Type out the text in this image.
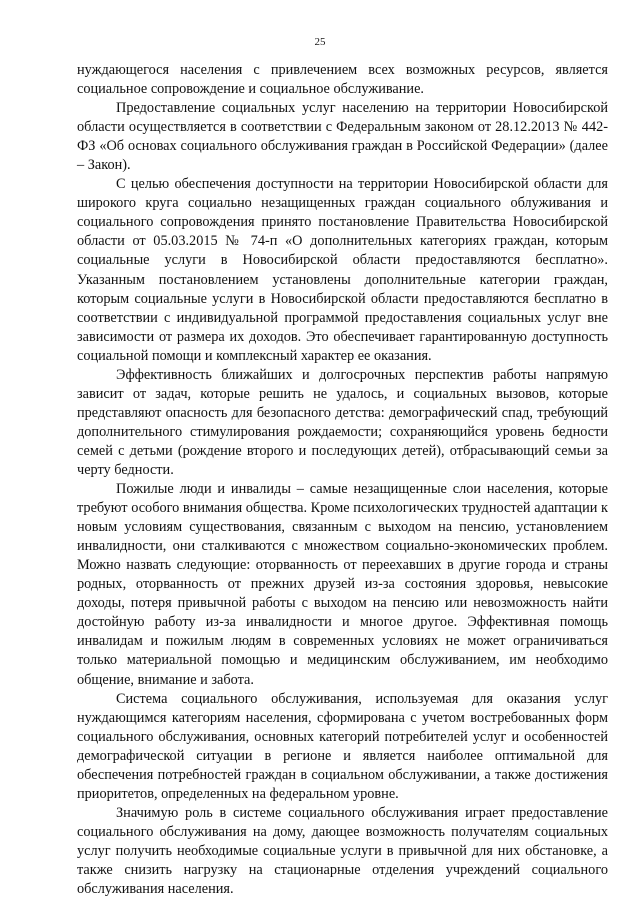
25

нуждающегося населения с привлечением всех возможных ресурсов, является социальное сопровождение и социальное обслуживание.

Предоставление социальных услуг населению на территории Новосибирской области осуществляется в соответствии с Федеральным законом от 28.12.2013 № 442-ФЗ «Об основах социального обслуживания граждан в Российской Федерации» (далее – Закон).

С целью обеспечения доступности на территории Новосибирской области для широкого круга социально незащищенных граждан социального облуживания и социального сопровождения принято постановление Правительства Новосибирской области от 05.03.2015 № 74-п «О дополнительных категориях граждан, которым социальные услуги в Новосибирской области предоставляются бесплатно». Указанным постановлением установлены дополнительные категории граждан, которым социальные услуги в Новосибирской области предоставляются бесплатно в соответствии с индивидуальной программой предоставления социальных услуг вне зависимости от размера их доходов. Это обеспечивает гарантированную доступность социальной помощи и комплексный характер ее оказания.

Эффективность ближайших и долгосрочных перспектив работы напрямую зависит от задач, которые решить не удалось, и социальных вызовов, которые представляют опасность для безопасного детства: демографический спад, требующий дополнительного стимулирования рождаемости; сохраняющийся уровень бедности семей с детьми (рождение второго и последующих детей), отбрасывающий семьи за черту бедности.

Пожилые люди и инвалиды – самые незащищенные слои населения, которые требуют особого внимания общества. Кроме психологических трудностей адаптации к новым условиям существования, связанным с выходом на пенсию, установлением инвалидности, они сталкиваются с множеством социально-экономических проблем. Можно назвать следующие: оторванность от переехавших в другие города и страны родных, оторванность от прежних друзей из-за состояния здоровья, невысокие доходы, потеря привычной работы с выходом на пенсию или невозможность найти достойную работу из-за инвалидности и многое другое. Эффективная помощь инвалидам и пожилым людям в современных условиях не может ограничиваться только материальной помощью и медицинским обслуживанием, им необходимо общение, внимание и забота.

Система социального обслуживания, используемая для оказания услуг нуждающимся категориям населения, сформирована с учетом востребованных форм социального обслуживания, основных категорий потребителей услуг и особенностей демографической ситуации в регионе и является наиболее оптимальной для обеспечения потребностей граждан в социальном обслуживании, а также достижения приоритетов, определенных на федеральном уровне.

Значимую роль в системе социального обслуживания играет предоставление социального обслуживания на дому, дающее возможность получателям социальных услуг получить необходимые социальные услуги в привычной для них обстановке, а также снизить нагрузку на стационарные отделения учреждений социального обслуживания населения.
